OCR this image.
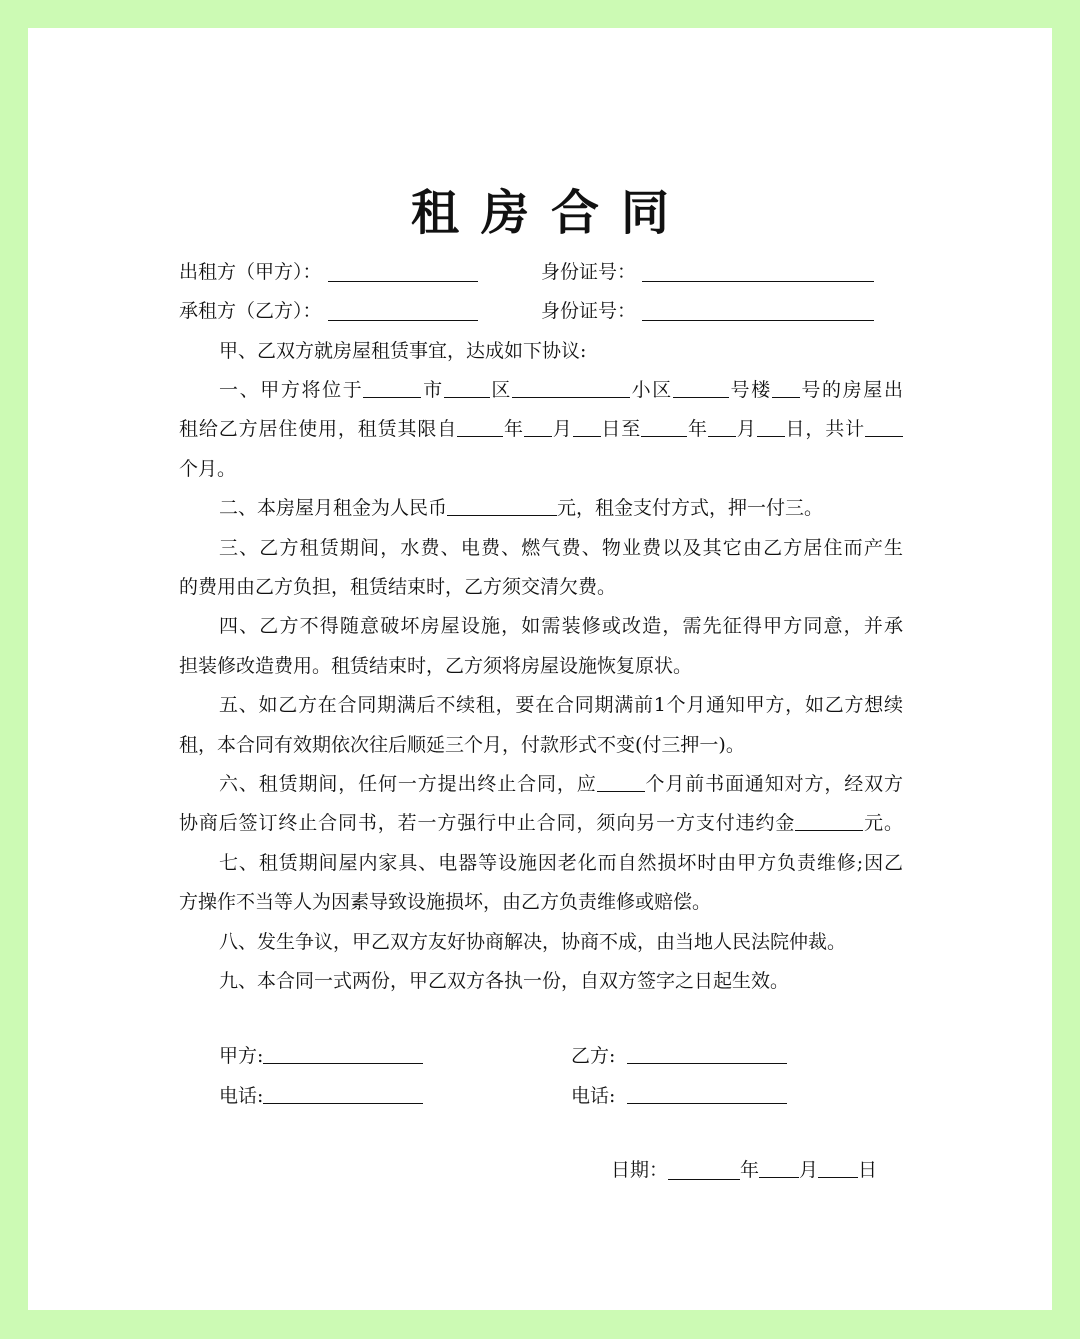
租房合同
出租方（甲方）：	身份证号：
承租方（乙方）：	身份证号：
甲、乙双方就房屋租赁事宜，达成如下协议:
一、甲方将位于	市 区	小区	号楼 号的房屋出
租给乙方居住使用，租赁其限自 年 月 日至 年 月 日，共计
个月。
二、本房屋月租金为人民币	元，租金支付方式，押一付三。
三、乙方租赁期间，水费、电费、燃气费、物业费以及其它由乙方居住而产生
的费用由乙方负担，租赁结束时，乙方须交清欠费。
四、乙方不得随意破坏房屋设施，如需装修或改造，需先征得甲方同意，并承
担装修改造费用。租赁结束时，乙方须将房屋设施恢复原状。
五、如乙方在合同期满后不续租，要在合同期满前1个月通知甲方，如乙方想续
租，本合同有效期依次往后顺延三个月，付款形式不变(付三押一)。
六、租赁期间，任何一方提出终止合同，应	个月前书面通知对方，经双方
协商后签订终止合同书，若一方强行中止合同，须向另一方支付违约金	元。
七、租赁期间屋内家具、电器等设施因老化而自然损坏时由甲方负责维修;因乙
方操作不当等人为因素导致设施损坏，由乙方负责维修或赔偿。
八、发生争议，甲乙双方友好协商解决，协商不成，由当地人民法院仲裁。
九、本合同一式两份，甲乙双方各执一份，自双方签字之日起生效。
甲方:	乙方:
电话:	电话:
日期：	年 月 日
